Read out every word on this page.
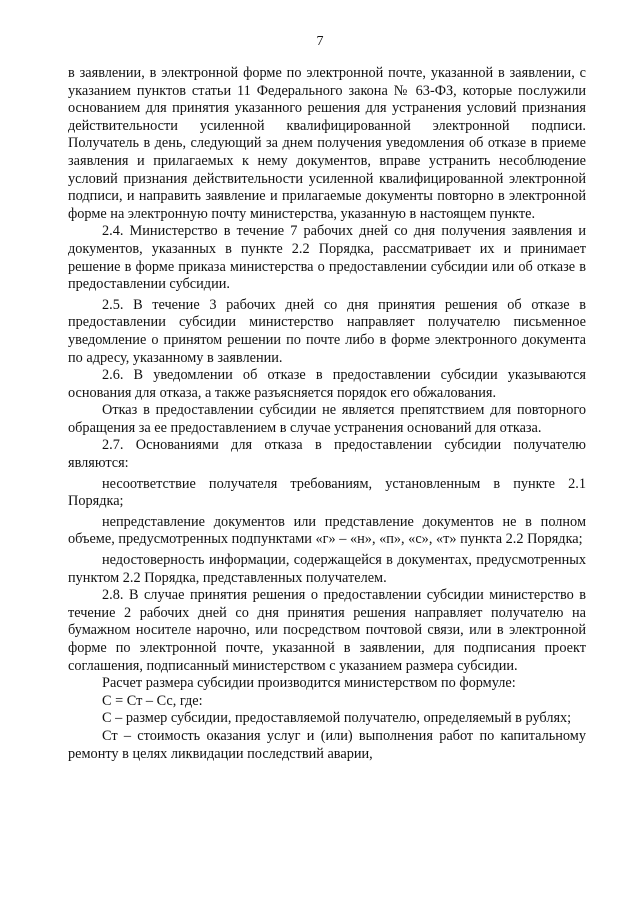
7

в заявлении, в электронной форме по электронной почте, указанной в заявлении, с указанием пунктов статьи 11 Федерального закона № 63-ФЗ, которые послужили основанием для принятия указанного решения для устранения условий признания действительности усиленной квалифицированной электронной подписи. Получатель в день, следующий за днем получения уведомления об отказе в приеме заявления и прилагаемых к нему документов, вправе устранить несоблюдение условий признания действительности усиленной квалифицированной электронной подписи, и направить заявление и прилагаемые документы повторно в электронной форме на электронную почту министерства, указанную в настоящем пункте.

2.4. Министерство в течение 7 рабочих дней со дня получения заявления и документов, указанных в пункте 2.2 Порядка, рассматривает их и принимает решение в форме приказа министерства о предоставлении субсидии или об отказе в предоставлении субсидии.

2.5. В течение 3 рабочих дней со дня принятия решения об отказе в предоставлении субсидии министерство направляет получателю письменное уведомление о принятом решении по почте либо в форме электронного документа по адресу, указанному в заявлении.

2.6. В уведомлении об отказе в предоставлении субсидии указываются основания для отказа, а также разъясняется порядок его обжалования.

Отказ в предоставлении субсидии не является препятствием для повторного обращения за ее предоставлением в случае устранения оснований для отказа.

2.7. Основаниями для отказа в предоставлении субсидии получателю являются:

несоответствие получателя требованиям, установленным в пункте 2.1 Порядка;

непредставление документов или представление документов не в полном объеме, предусмотренных подпунктами «г» – «н», «п», «с», «т» пункта 2.2 Порядка;

недостоверность информации, содержащейся в документах, предусмотренных пунктом 2.2 Порядка, представленных получателем.

2.8. В случае принятия решения о предоставлении субсидии министерство в течение 2 рабочих дней со дня принятия решения направляет получателю на бумажном носителе нарочно, или посредством почтовой связи, или в электронной форме по электронной почте, указанной в заявлении, для подписания проект соглашения, подписанный министерством с указанием размера субсидии.

Расчет размера субсидии производится министерством по формуле:

С = Ст – Сс, где:

С – размер субсидии, предоставляемой получателю, определяемый в рублях;

Ст – стоимость оказания услуг и (или) выполнения работ по капитальному ремонту в целях ликвидации последствий аварии,
